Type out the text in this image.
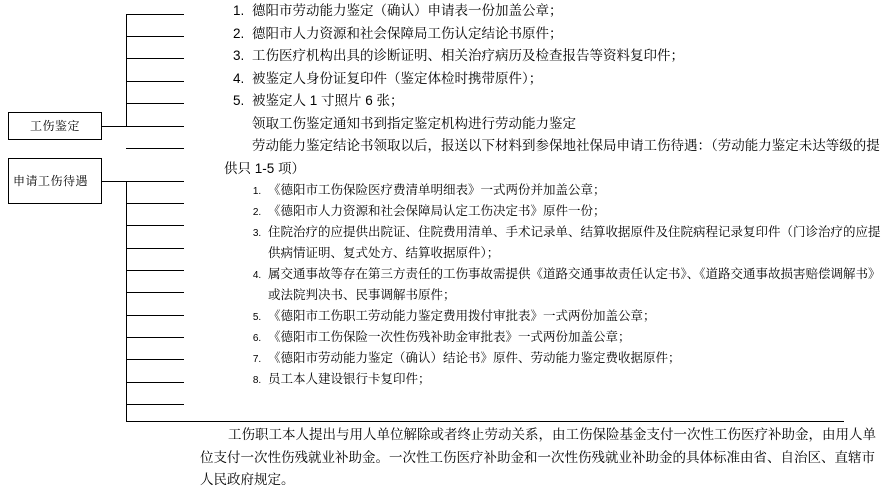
工伤鉴定
申请工伤待遇
1. 德阳市劳动能力鉴定（确认）申请表一份加盖公章；
2. 德阳市人力资源和社会保障局工伤认定结论书原件；
3. 工伤医疗机构出具的诊断证明、相关治疗病历及检查报告等资料复印件；
4. 被鉴定人身份证复印件（鉴定体检时携带原件）；
5. 被鉴定人 1 寸照片 6 张；

领取工伤鉴定通知书到指定鉴定机构进行劳动能力鉴定

劳动能力鉴定结论书领取以后，报送以下材料到参保地社保局申请工伤待遇：（劳动能力鉴定未达等级的提供只 1-5 项）

1. 《德阳市工伤保险医疗费清单明细表》一式两份并加盖公章；
2. 《德阳市人力资源和社会保障局认定工伤决定书》原件一份；
3. 住院治疗的应提供出院证、住院费用清单、手术记录单、结算收据原件及住院病程记录复印件（门诊治疗的应提供病情证明、复式处方、结算收据原件）；
4. 属交通事故等存在第三方责任的工伤事故需提供《道路交通事故责任认定书》、《道路交通事故损害赔偿调解书》或法院判决书、民事调解书原件；
5. 《德阳市工伤职工劳动能力鉴定费用拨付审批表》一式两份加盖公章；
6. 《德阳市工伤保险一次性伤残补助金审批表》一式两份加盖公章；
7. 《德阳市劳动能力鉴定（确认）结论书》原件、劳动能力鉴定费收据原件；
8. 员工本人建设银行卡复印件；

工伤职工本人提出与用人单位解除或者终止劳动关系，由工伤保险基金支付一次性工伤医疗补助金，由用人单位支付一次性伤残就业补助金。一次性工伤医疗补助金和一次性伤残就业补助金的具体标准由省、自治区、直辖市人民政府规定。
